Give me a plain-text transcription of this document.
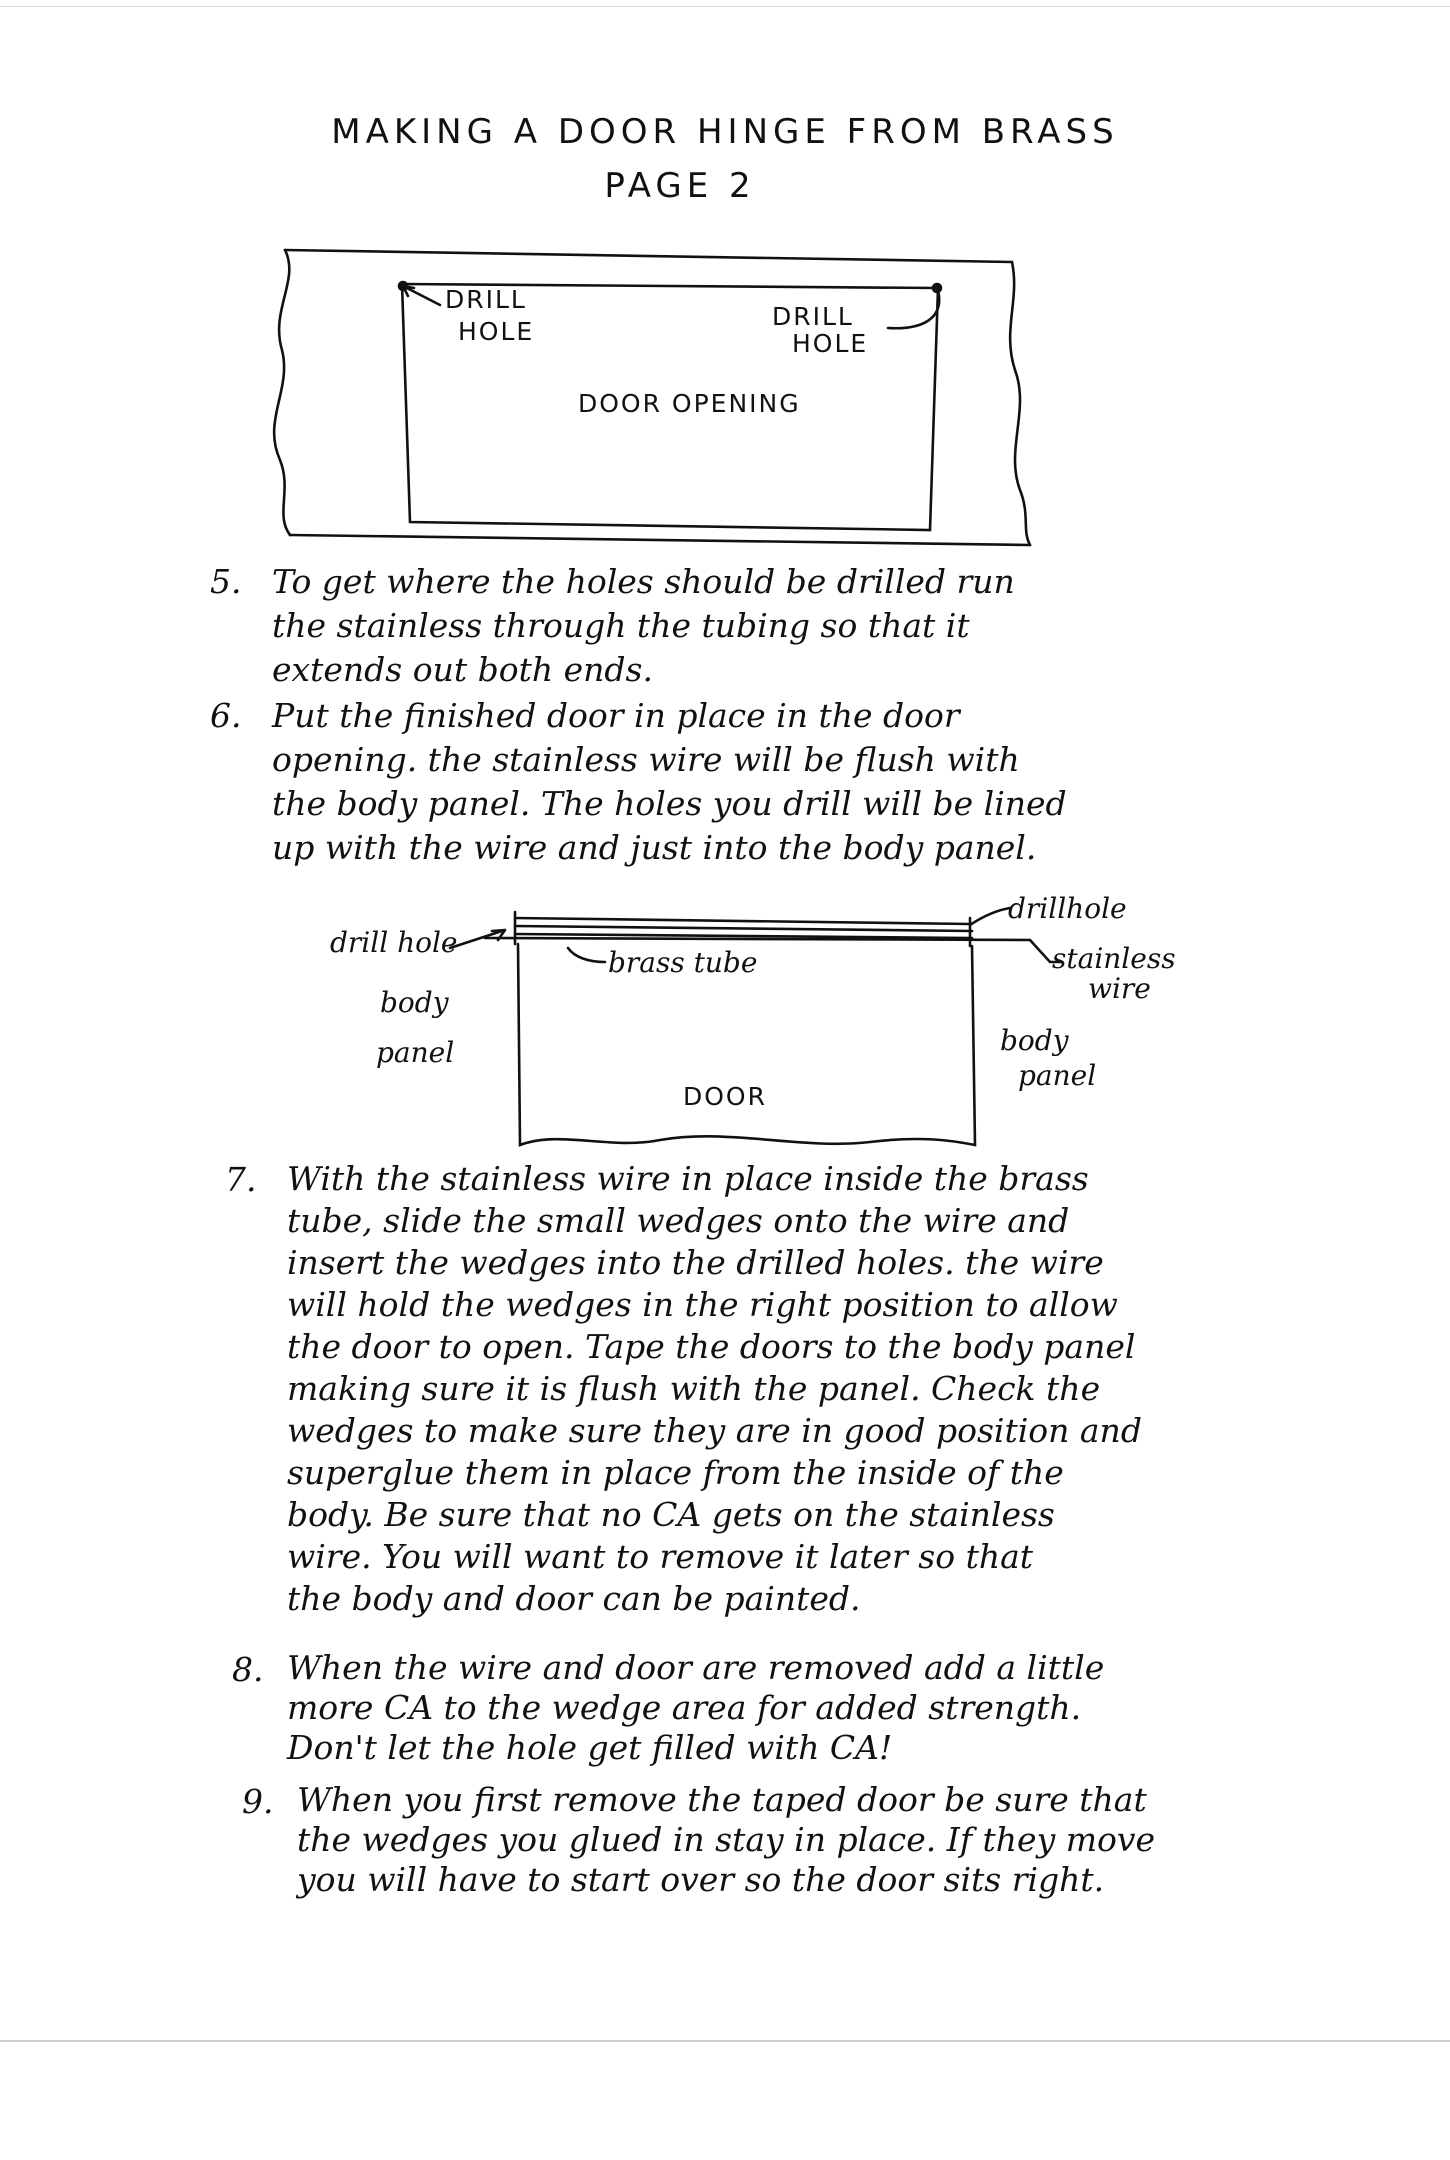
MAKING A DOOR HINGE FROM BRASS
PAGE 2
DRILL
HOLE
DRILL
HOLE
DOOR OPENING
5. To get where the holes should be drilled run
the stainless through the tubing so that it
extends out both ends.
6. Put the finished door in place in the door
opening. the stainless wire will be flush with
the body panel. The holes you drill will be lined
up with the wire and just into the body panel.
drill hole
brass tube
drillhole
stainless
wire
body
panel	body
panel
DOOR
7. With the stainless wire in place inside the brass
tube, slide the small wedges onto the wire and
insert the wedges into the drilled holes. the wire
will hold the wedges in the right position to allow
the door to open. Tape the doors to the body panel
making sure it is flush with the panel. Check the
wedges to make sure they are in good position and
superglue them in place from the inside of the
body. Be sure that no CA gets on the stainless
wire. You will want to remove it later so that
the body and door can be painted.
8. When the wire and door are removed add a little
more CA to the wedge area for added strength.
Don't let the hole get filled with CA!
9. When you first remove the taped door be sure that
the wedges you glued in stay in place. If they move
you will have to start over so the door sits right.
